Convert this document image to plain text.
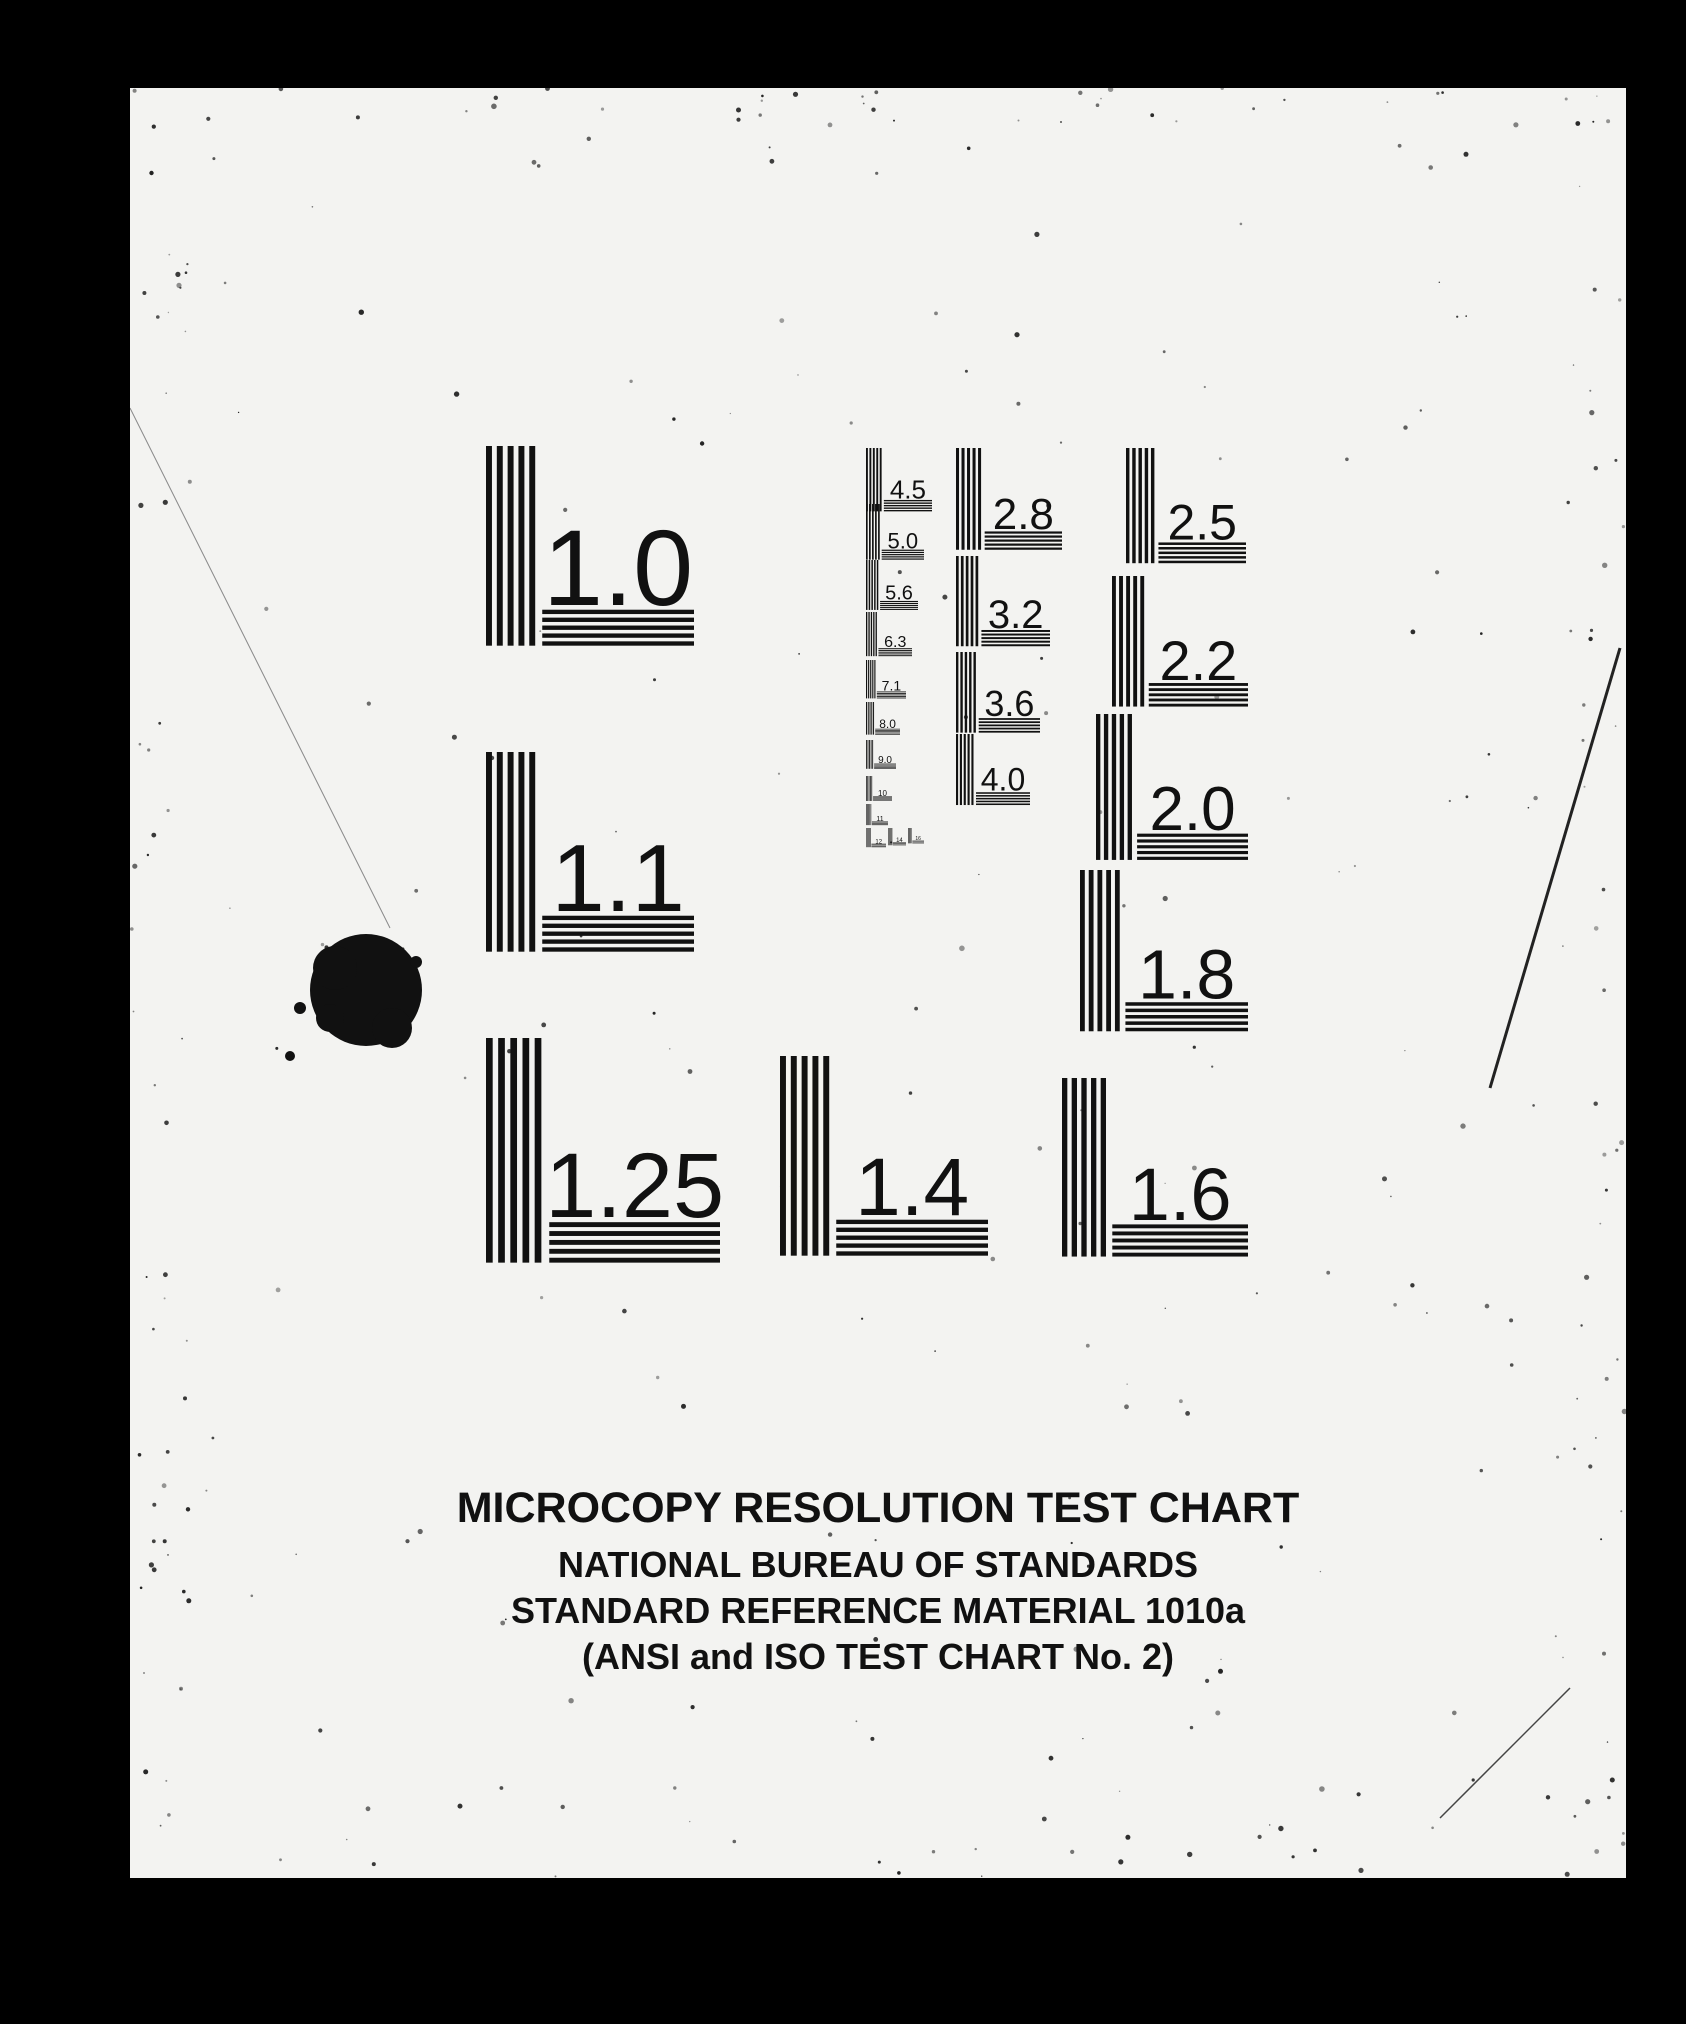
1.0
1.1
1.25 1.4 1.6
1.8
2.0
2.2
2.5
2.8
3.2
3.6
4.0
4.5
5.0
5.6
6.3
7.1
8.0
9.0
10
11
12 14	16

MICROCOPY RESOLUTION TEST CHART

NATIONAL BUREAU OF STANDARDS

STANDARD REFERENCE MATERIAL 1010a

(ANSI and ISO TEST CHART No. 2)
